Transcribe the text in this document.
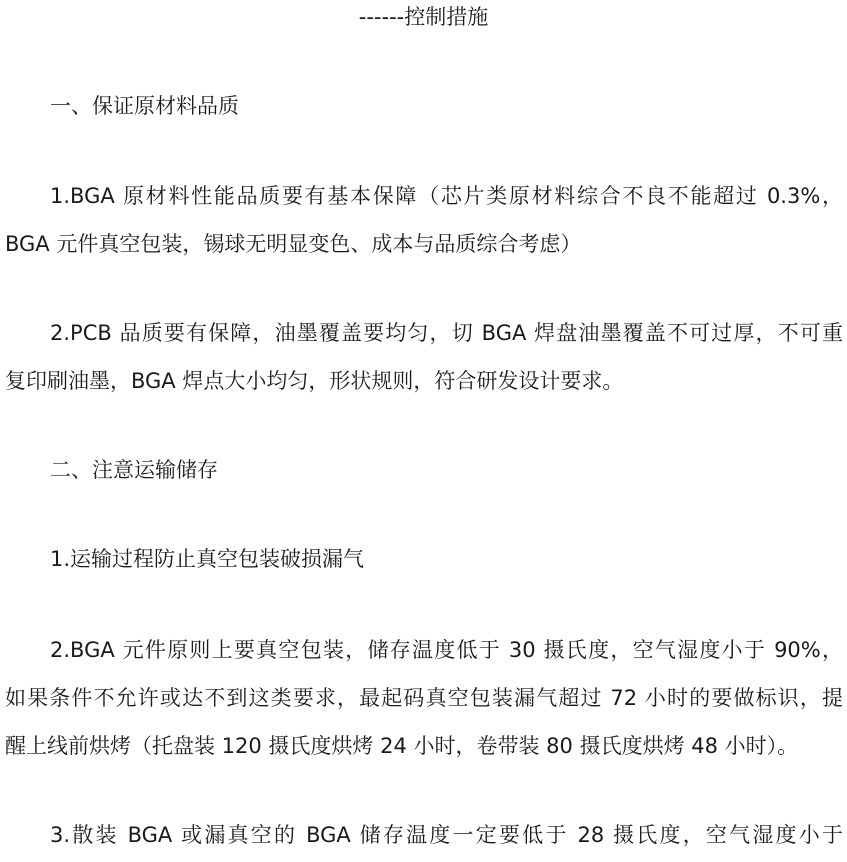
------控制措施
一、保证原材料品质
1.BGA 原材料性能品质要有基本保障（芯片类原材料综合不良不能超过 0.3%，
BGA 元件真空包装，锡球无明显变色、成本与品质综合考虑）
2.PCB 品质要有保障，油墨覆盖要均匀，切 BGA 焊盘油墨覆盖不可过厚，不可重
复印刷油墨，BGA 焊点大小均匀，形状规则，符合研发设计要求。
二、注意运输储存
1.运输过程防止真空包装破损漏气
2.BGA 元件原则上要真空包装，储存温度低于 30 摄氏度，空气湿度小于 90%，
如果条件不允许或达不到这类要求，最起码真空包装漏气超过 72 小时的要做标识，提
醒上线前烘烤（托盘装 120 摄氏度烘烤 24 小时，卷带装 80 摄氏度烘烤 48 小时）。
3.散装 BGA 或漏真空的 BGA 储存温度一定要低于 28 摄氏度，空气湿度小于
